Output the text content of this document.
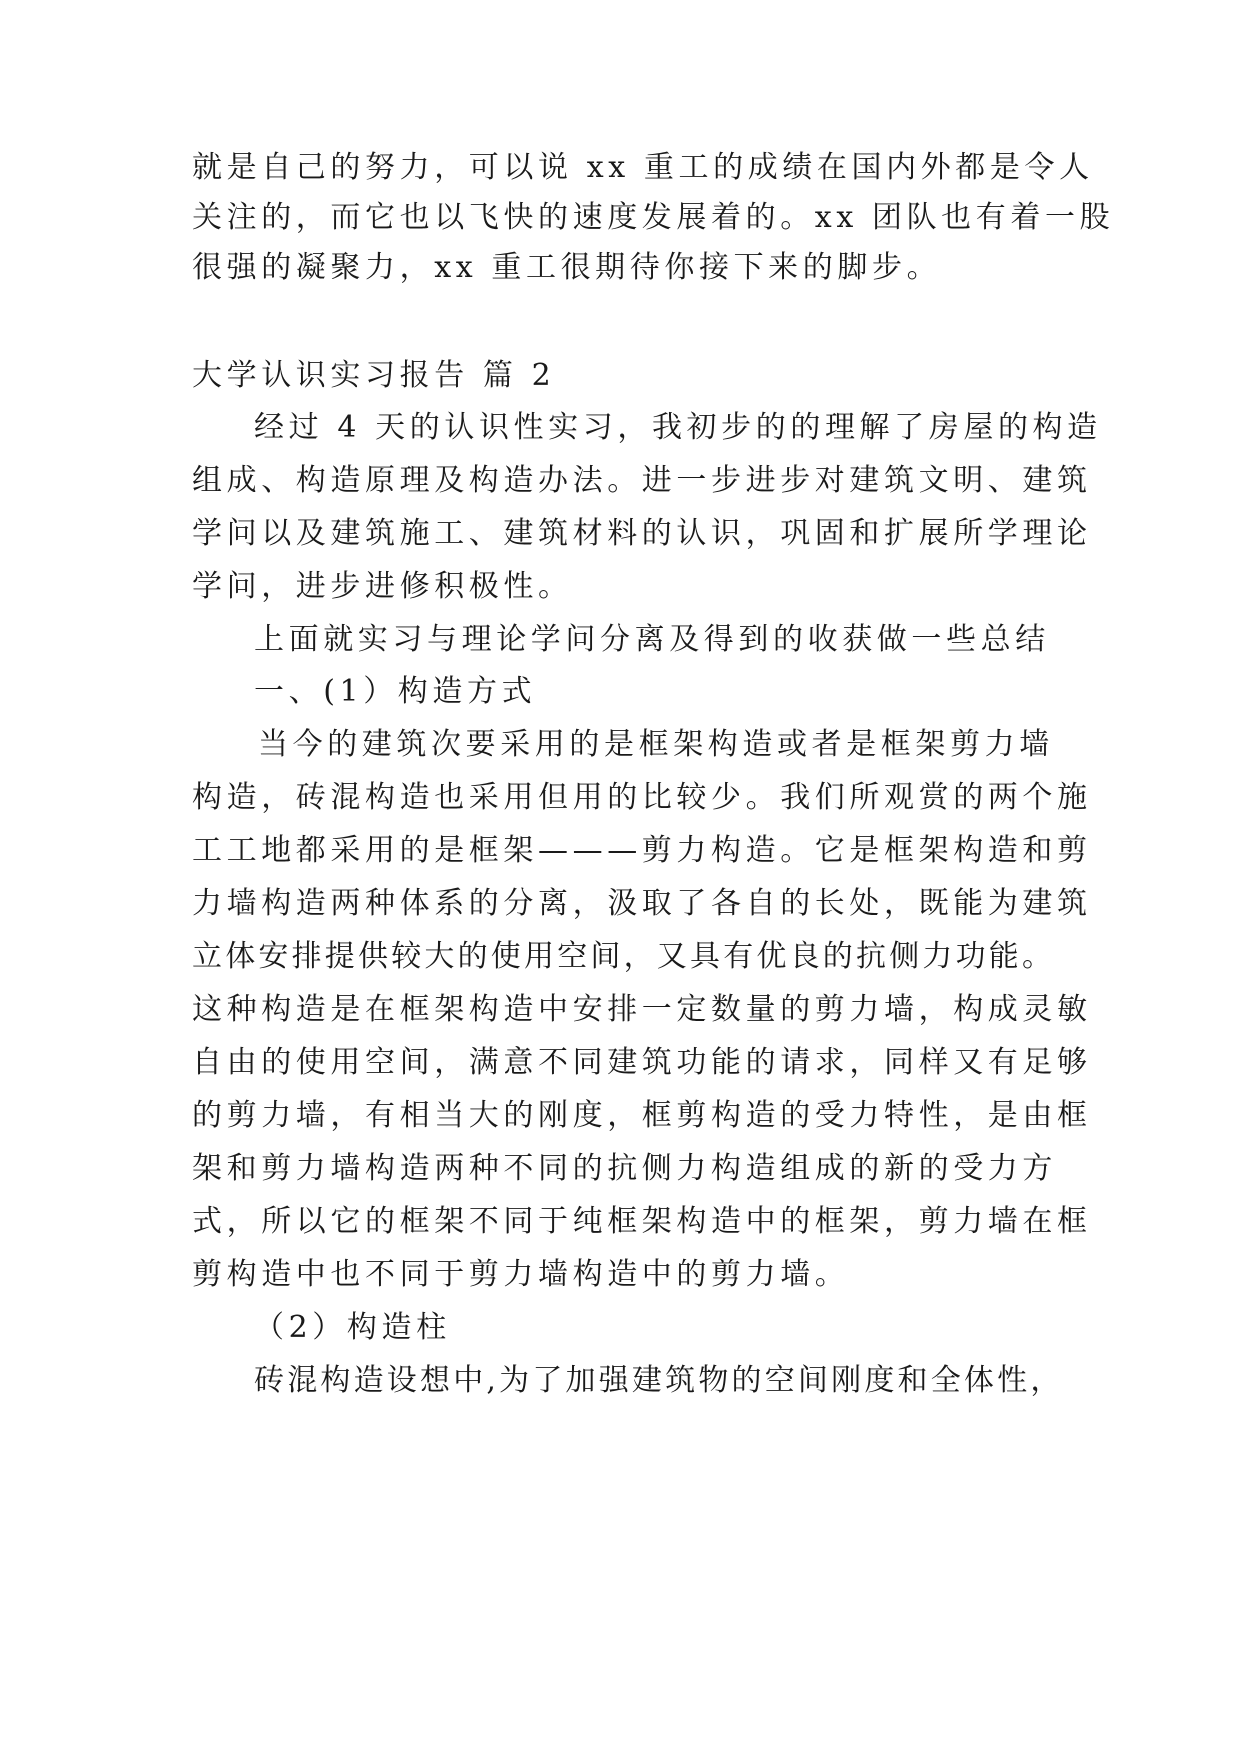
就是自己的努力，可以说 xx 重工的成绩在国内外都是令人
关注的，而它也以飞快的速度发展着的。xx 团队也有着一股
很强的凝聚力，xx 重工很期待你接下来的脚步。
大学认识实习报告 篇 2
经过 4 天的认识性实习，我初步的的理解了房屋的构造
组成、构造原理及构造办法。进一步进步对建筑文明、建筑
学问以及建筑施工、建筑材料的认识，巩固和扩展所学理论
学问，进步进修积极性。
上面就实习与理论学问分离及得到的收获做一些总结
一、(1）构造方式
当今的建筑次要采用的是框架构造或者是框架剪力墙
构造，砖混构造也采用但用的比较少。我们所观赏的两个施
工工地都采用的是框架———剪力构造。它是框架构造和剪
力墙构造两种体系的分离，汲取了各自的长处，既能为建筑
立体安排提供较大的使用空间，又具有优良的抗侧力功能。
这种构造是在框架构造中安排一定数量的剪力墙，构成灵敏
自由的使用空间，满意不同建筑功能的请求，同样又有足够
的剪力墙，有相当大的刚度，框剪构造的受力特性，是由框
架和剪力墙构造两种不同的抗侧力构造组成的新的受力方
式，所以它的框架不同于纯框架构造中的框架，剪力墙在框
剪构造中也不同于剪力墙构造中的剪力墙。
（2）构造柱
砖混构造设想中,为了加强建筑物的空间刚度和全体性，
